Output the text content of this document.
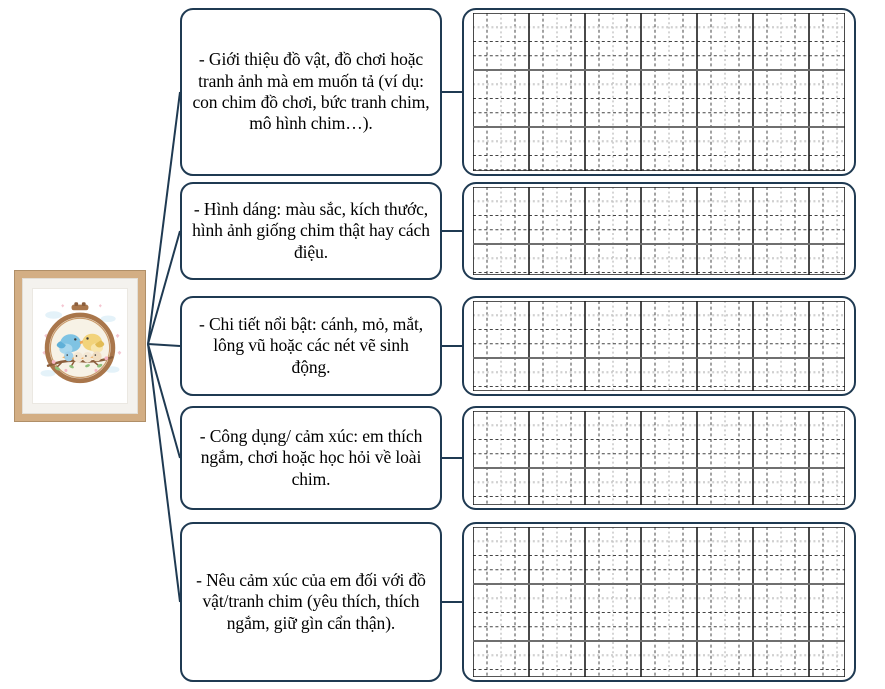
- Giới thiệu đồ vật, đồ chơi hoặc tranh ảnh mà em muốn tả (ví dụ: con chim đồ chơi, bức tranh chim, mô hình chim…).
- Hình dáng: màu sắc, kích thước, hình ảnh giống chim thật hay cách điệu.
- Chi tiết nổi bật: cánh, mỏ, mắt, lông vũ hoặc các nét vẽ sinh động.
- Công dụng/ cảm xúc: em thích ngắm, chơi hoặc học hỏi về loài chim.
- Nêu cảm xúc của em đối với đồ vật/tranh chim (yêu thích, thích ngắm, giữ gìn cẩn thận).
